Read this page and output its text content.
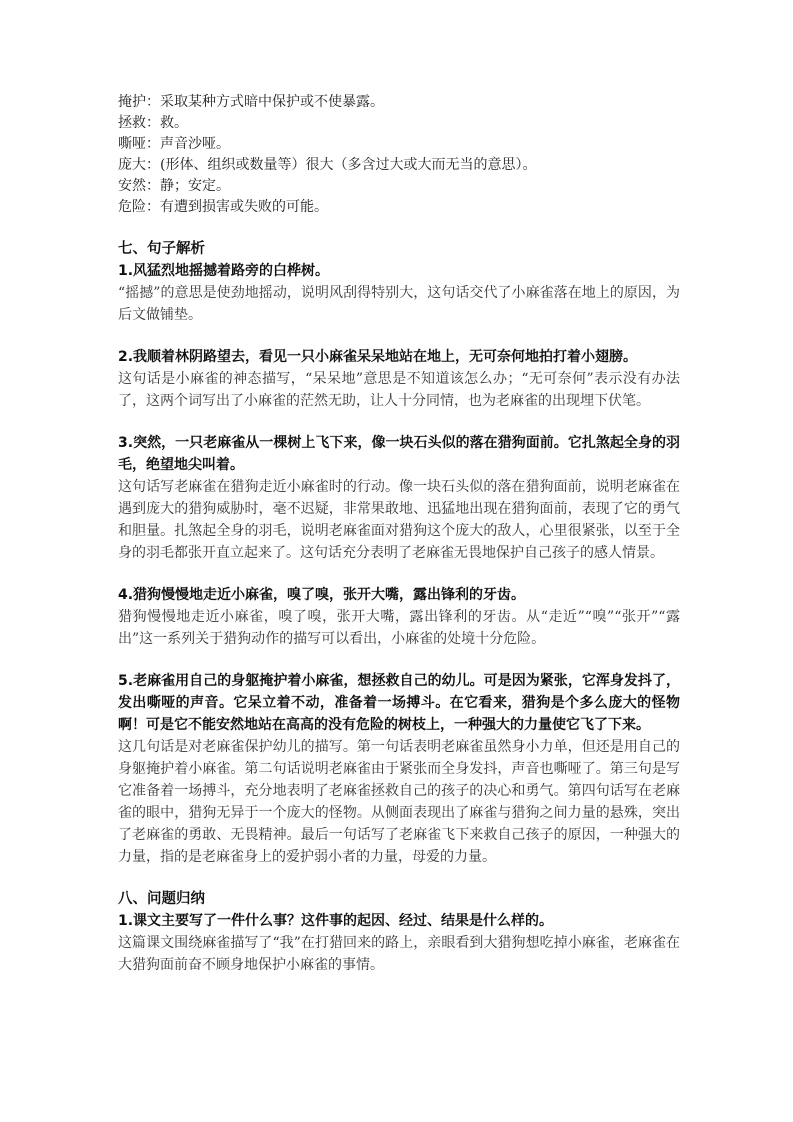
掩护：采取某种方式暗中保护或不使暴露。

拯救：救。

嘶哑：声音沙哑。

庞大：(形体、组织或数量等）很大（多含过大或大而无当的意思）。

安然：静；安定。

危险：有遭到损害或失败的可能。

七、句子解析

1.风猛烈地摇撼着路旁的白桦树。

“摇撼”的意思是使劲地摇动，说明风刮得特别大，这句话交代了小麻雀落在地上的原因，为后文做铺垫。

2.我顺着林阴路望去，看见一只小麻雀呆呆地站在地上，无可奈何地拍打着小翅膀。

这句话是小麻雀的神态描写，“呆呆地”意思是不知道该怎么办；“无可奈何”表示没有办法了，这两个词写出了小麻雀的茫然无助，让人十分同情，也为老麻雀的出现埋下伏笔。

3.突然，一只老麻雀从一棵树上飞下来，像一块石头似的落在猎狗面前。它扎煞起全身的羽毛，绝望地尖叫着。

这句话写老麻雀在猎狗走近小麻雀时的行动。像一块石头似的落在猎狗面前，说明老麻雀在遇到庞大的猎狗威胁时，毫不迟疑，非常果敢地、迅猛地出现在猎狗面前，表现了它的勇气和胆量。扎煞起全身的羽毛，说明老麻雀面对猎狗这个庞大的敌人，心里很紧张，以至于全身的羽毛都张开直立起来了。这句话充分表明了老麻雀无畏地保护自己孩子的感人情景。

4.猎狗慢慢地走近小麻雀，嗅了嗅，张开大嘴，露出锋利的牙齿。

猎狗慢慢地走近小麻雀，嗅了嗅，张开大嘴，露出锋利的牙齿。从“走近”“嗅”“张开”“露出”这一系列关于猎狗动作的描写可以看出，小麻雀的处境十分危险。

5.老麻雀用自己的身躯掩护着小麻雀，想拯救自己的幼儿。可是因为紧张，它浑身发抖了，发出嘶哑的声音。它呆立着不动，准备着一场搏斗。在它看来，猎狗是个多么庞大的怪物啊！可是它不能安然地站在高高的没有危险的树枝上，一种强大的力量使它飞了下来。

这几句话是对老麻雀保护幼儿的描写。第一句话表明老麻雀虽然身小力单，但还是用自己的身躯掩护着小麻雀。第二句话说明老麻雀由于紧张而全身发抖，声音也嘶哑了。第三句是写它准备着一场搏斗，充分地表明了老麻雀拯救自己的孩子的决心和勇气。第四句话写在老麻雀的眼中，猎狗无异于一个庞大的怪物。从侧面表现出了麻雀与猎狗之间力量的悬殊，突出了老麻雀的勇敢、无畏精神。最后一句话写了老麻雀飞下来救自己孩子的原因，一种强大的力量，指的是老麻雀身上的爱护弱小者的力量，母爱的力量。

八、问题归纳

1.课文主要写了一件什么事？这件事的起因、经过、结果是什么样的。

这篇课文围绕麻雀描写了“我”在打猎回来的路上，亲眼看到大猎狗想吃掉小麻雀，老麻雀在大猎狗面前奋不顾身地保护小麻雀的事情。
